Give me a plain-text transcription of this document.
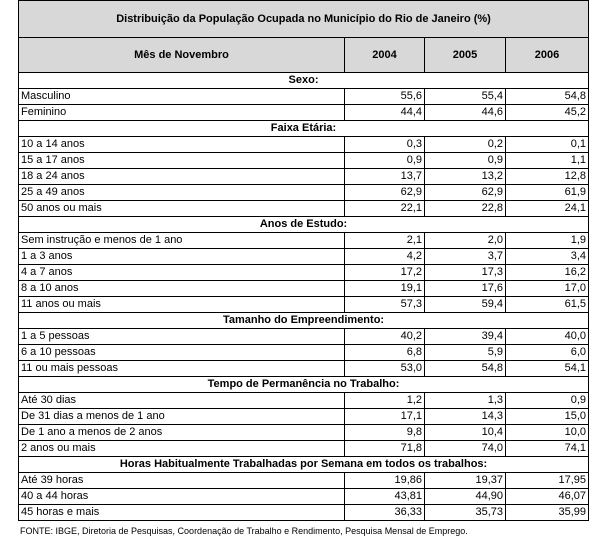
Distribuição da População Ocupada no Município do Rio de Janeiro (%)			
Mês de Novembro	2004	2005	2006
Sexo:			
Masculino	55,6	55,4	54,8
Feminino	44,4	44,6	45,2
Faixa Etária:			
10 a 14 anos	0,3	0,2	0,1
15 a 17 anos	0,9	0,9	1,1
18 a 24 anos	13,7	13,2	12,8
25 a 49 anos	62,9	62,9	61,9
50 anos ou mais	22,1	22,8	24,1
Anos de Estudo:			
Sem instrução e menos de 1 ano	2,1	2,0	1,9
1 a 3 anos	4,2	3,7	3,4
4 a 7 anos	17,2	17,3	16,2
8 a 10 anos	19,1	17,6	17,0
11 anos ou mais	57,3	59,4	61,5
Tamanho do Empreendimento:			
1 a 5 pessoas	40,2	39,4	40,0
6 a 10 pessoas	6,8	5,9	6,0
11 ou mais pessoas	53,0	54,8	54,1
Tempo de Permanência no Trabalho:			
Até 30 dias	1,2	1,3	0,9
De 31 dias a menos de 1 ano	17,1	14,3	15,0
De 1 ano a menos de 2 anos	9,8	10,4	10,0
2 anos ou mais	71,8	74,0	74,1
Horas Habitualmente Trabalhadas por Semana em todos os trabalhos:			
Até 39 horas	19,86	19,37	17,95
40 a 44 horas	43,81	44,90	46,07
45 horas e mais	36,33	35,73	35,99
FONTE: IBGE, Diretoria de Pesquisas, Coordenação de Trabalho e Rendimento, Pesquisa Mensal de Emprego.
